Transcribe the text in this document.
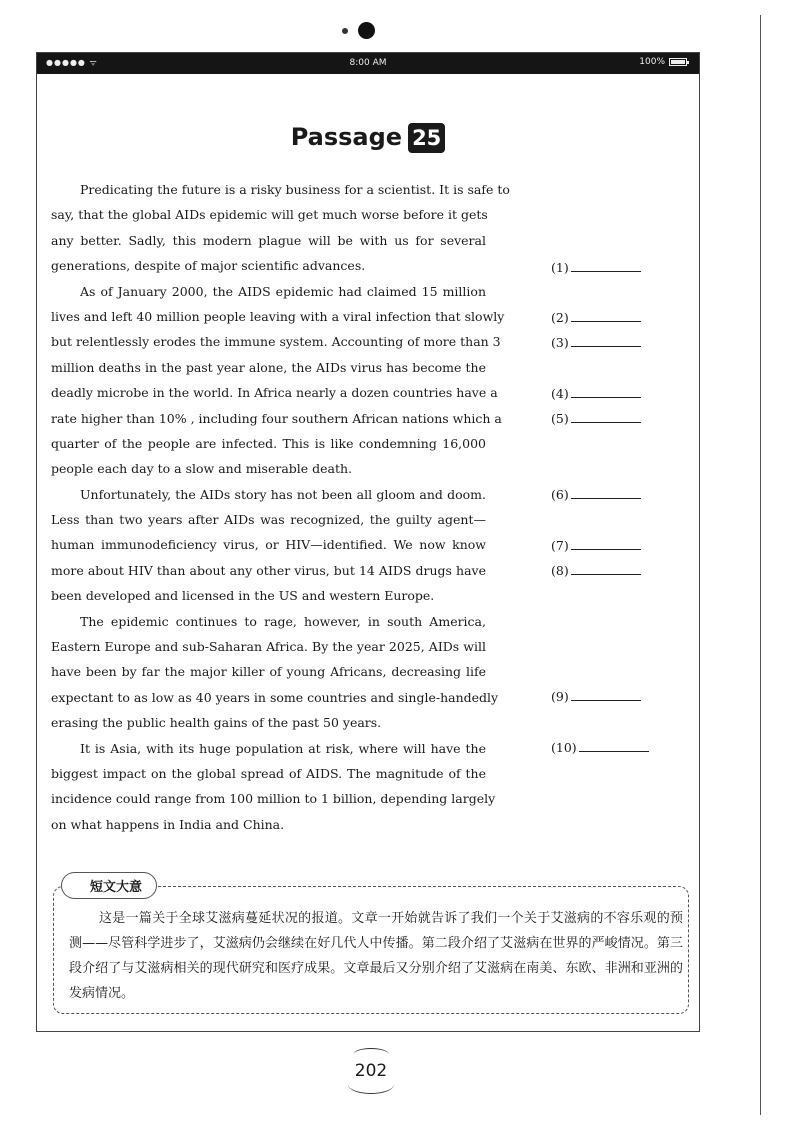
●●●●● ᯤ	8:00 AM	100%
Passage 25
Predicating the future is a risky business for a scientist. It is safe to
say, that the global AIDs epidemic will get much worse before it gets
any better. Sadly, this modern plague will be with us for several
generations, despite of major scientific advances.
As of January 2000, the AIDS epidemic had claimed 15 million
lives and left 40 million people leaving with a viral infection that slowly
but relentlessly erodes the immune system. Accounting of more than 3
million deaths in the past year alone, the AIDs virus has become the
deadly microbe in the world. In Africa nearly a dozen countries have a
rate higher than 10% , including four southern African nations which a
quarter of the people are infected. This is like condemning 16,000
people each day to a slow and miserable death.
Unfortunately, the AIDs story has not been all gloom and doom.
Less than two years after AIDs was recognized, the guilty agent—
human immunodeficiency virus, or HIV—identified. We now know
more about HIV than about any other virus, but 14 AIDS drugs have
been developed and licensed in the US and western Europe.
The epidemic continues to rage, however, in south America,
Eastern Europe and sub-Saharan Africa. By the year 2025, AIDs will
have been by far the major killer of young Africans, decreasing life
expectant to as low as 40 years in some countries and single-handedly
erasing the public health gains of the past 50 years.
It is Asia, with its huge population at risk, where will have the
biggest impact on the global spread of AIDS. The magnitude of the
incidence could range from 100 million to 1 billion, depending largely
on what happens in India and China.
(1)
(2)
(3)
(4)
(5)
(6)
(7)
(8)
(9)
(10)
短文大意
这是一篇关于全球艾滋病蔓延状况的报道。文章一开始就告诉了我们一个关于艾滋病的不容乐观的预测——尽管科学进步了，艾滋病仍会继续在好几代人中传播。第二段介绍了艾滋病在世界的严峻情况。第三段介绍了与艾滋病相关的现代研究和医疗成果。文章最后又分别介绍了艾滋病在南美、东欧、非洲和亚洲的发病情况。
202
